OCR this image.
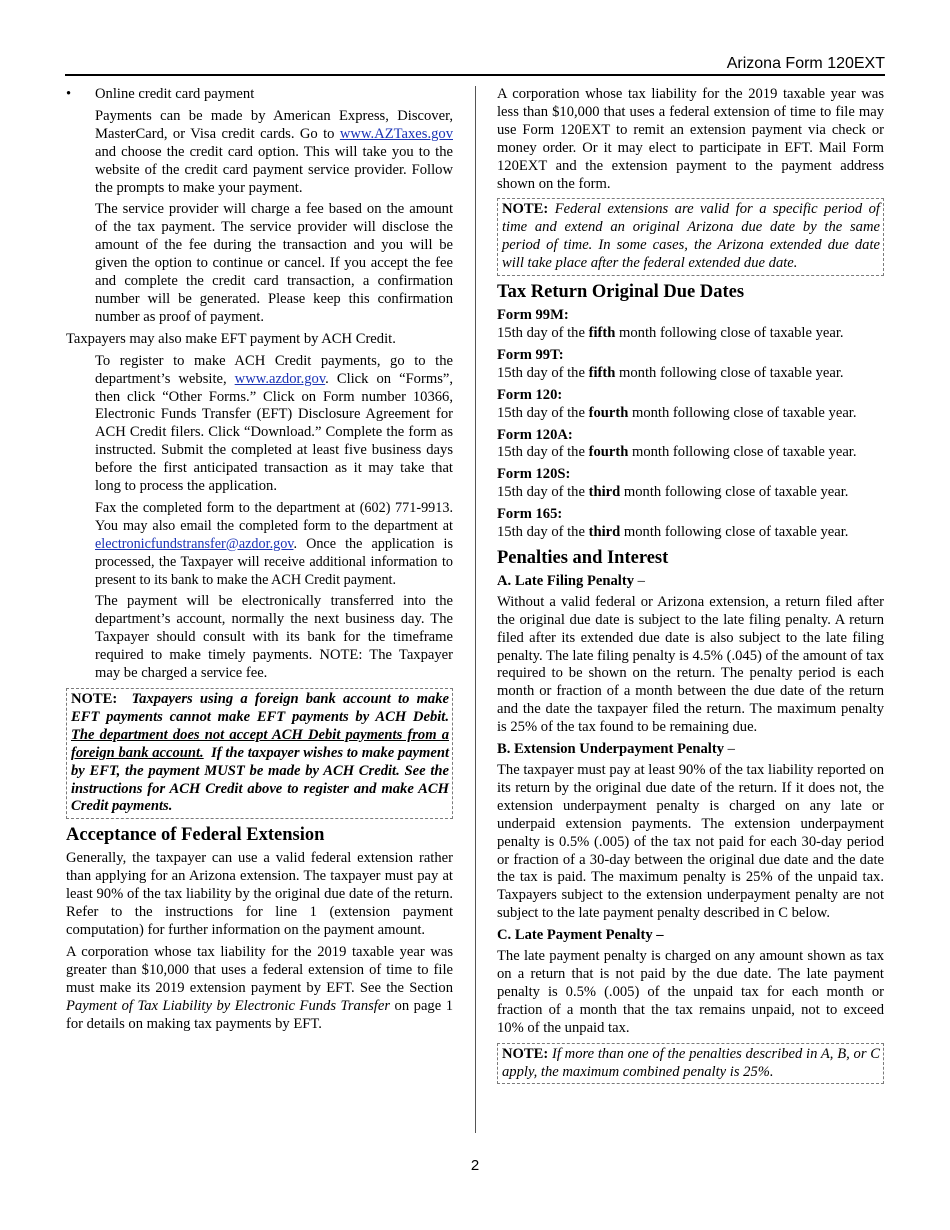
Arizona Form 120EXT
•	Online credit card payment

Payments can be made by American Express, Discover, MasterCard, or Visa credit cards. Go to www.AZTaxes.gov and choose the credit card option. This will take you to the website of the credit card payment service provider. Follow the prompts to make your payment.

The service provider will charge a fee based on the amount of the tax payment. The service provider will disclose the amount of the fee during the transaction and you will be given the option to continue or cancel. If you accept the fee and complete the credit card transaction, a confirmation number will be generated. Please keep this confirmation number as proof of payment.

Taxpayers may also make EFT payment by ACH Credit.

To register to make ACH Credit payments, go to the department’s website, www.azdor.gov. Click on “Forms”, then click “Other Forms.” Click on Form number 10366, Electronic Funds Transfer (EFT) Disclosure Agreement for ACH Credit filers. Click “Download.” Complete the form as instructed. Submit the completed at least five business days before the first anticipated transaction as it may take that long to process the application.

Fax the completed form to the department at (602) 771-9913. You may also email the completed form to the department at electronicfundstransfer@azdor.gov. Once the application is processed, the Taxpayer will receive additional information to present to its bank to make the ACH Credit payment.

The payment will be electronically transferred into the department’s account, normally the next business day. The Taxpayer should consult with its bank for the timeframe required to make timely payments. NOTE: The Taxpayer may be charged a service fee.

NOTE: Taxpayers using a foreign bank account to make EFT payments cannot make EFT payments by ACH Debit. The department does not accept ACH Debit payments from a foreign bank account. If the taxpayer wishes to make payment by EFT, the payment MUST be made by ACH Credit. See the instructions for ACH Credit above to register and make ACH Credit payments.

Acceptance of Federal Extension

Generally, the taxpayer can use a valid federal extension rather than applying for an Arizona extension. The taxpayer must pay at least 90% of the tax liability by the original due date of the return. Refer to the instructions for line 1 (extension payment computation) for further information on the payment amount.

A corporation whose tax liability for the 2019 taxable year was greater than $10,000 that uses a federal extension of time to file must make its 2019 extension payment by EFT. See the Section Payment of Tax Liability by Electronic Funds Transfer on page 1 for details on making tax payments by EFT.

A corporation whose tax liability for the 2019 taxable year was less than $10,000 that uses a federal extension of time to file may use Form 120EXT to remit an extension payment via check or money order. Or it may elect to participate in EFT. Mail Form 120EXT and the extension payment to the payment address shown on the form.

NOTE: Federal extensions are valid for a specific period of time and extend an original Arizona due date by the same period of time. In some cases, the Arizona extended due date will take place after the federal extended due date.

Tax Return Original Due Dates
Form 99M:

15th day of the fifth month following close of taxable year.

Form 99T:

15th day of the fifth month following close of taxable year.

Form 120:

15th day of the fourth month following close of taxable year.

Form 120A:

15th day of the fourth month following close of taxable year.

Form 120S:

15th day of the third month following close of taxable year.

Form 165:

15th day of the third month following close of taxable year.

Penalties and Interest
A. Late Filing Penalty –

Without a valid federal or Arizona extension, a return filed after the original due date is subject to the late filing penalty. A return filed after its extended due date is also subject to the late filing penalty. The late filing penalty is 4.5% (.045) of the amount of tax required to be shown on the return. The penalty period is each month or fraction of a month between the due date of the return and the date the taxpayer filed the return. The maximum penalty is 25% of the tax found to be remaining due.

B. Extension Underpayment Penalty –

The taxpayer must pay at least 90% of the tax liability reported on its return by the original due date of the return. If it does not, the extension underpayment penalty is charged on any late or underpaid extension payments. The extension underpayment penalty is 0.5% (.005) of the tax not paid for each 30-day period or fraction of a 30-day between the original due date and the date the tax is paid. The maximum penalty is 25% of the unpaid tax. Taxpayers subject to the extension underpayment penalty are not subject to the late payment penalty described in C below.

C. Late Payment Penalty –

The late payment penalty is charged on any amount shown as tax on a return that is not paid by the due date. The late payment penalty is 0.5% (.005) of the unpaid tax for each month or fraction of a month that the tax remains unpaid, not to exceed 10% of the unpaid tax.

NOTE: If more than one of the penalties described in A, B, or C apply, the maximum combined penalty is 25%.

2
